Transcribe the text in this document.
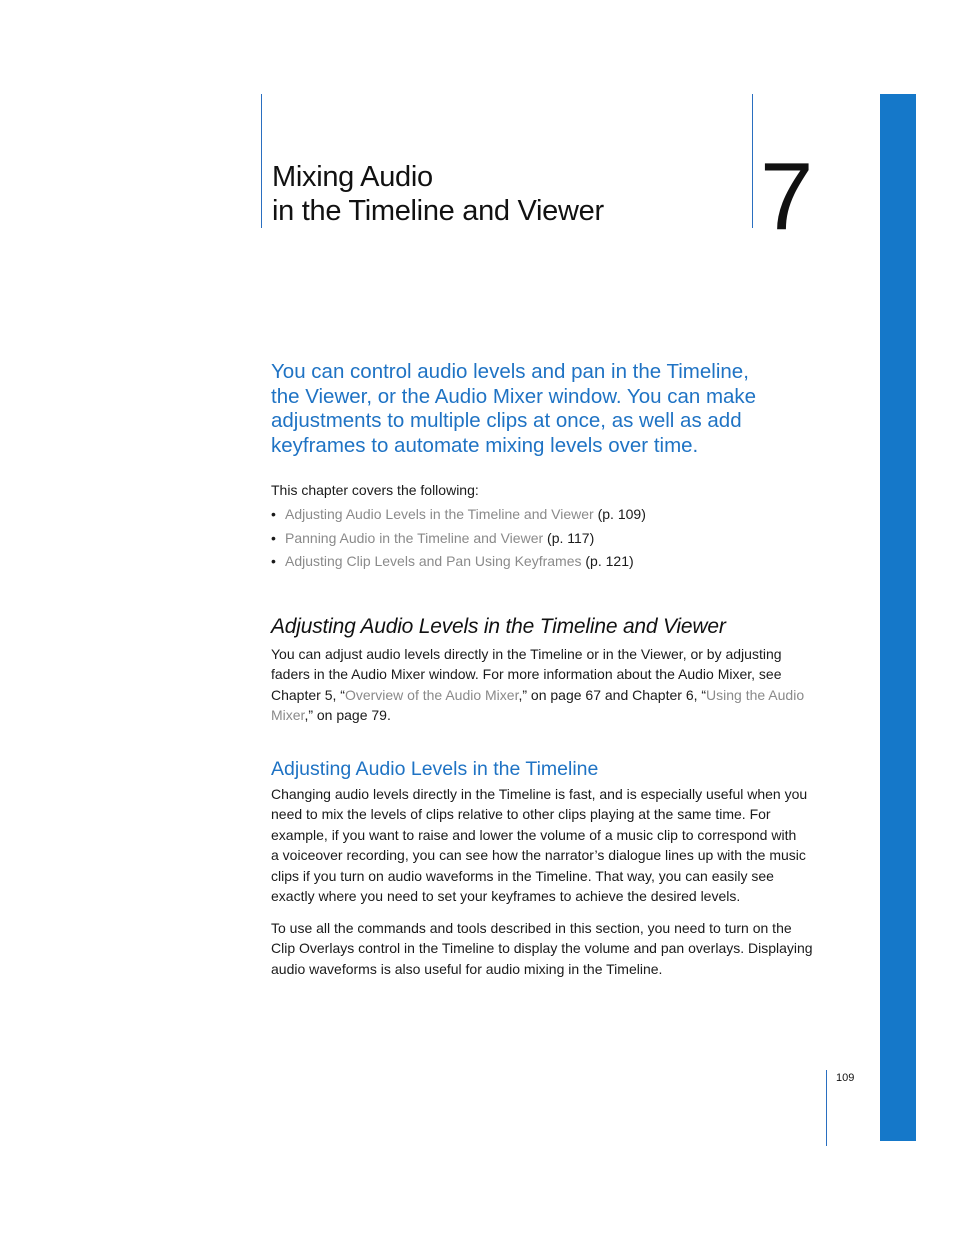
Mixing Audio
in the Timeline and Viewer	7
You can control audio levels and pan in the Timeline,
the Viewer, or the Audio Mixer window. You can make
adjustments to multiple clips at once, as well as add
keyframes to automate mixing levels over time.
This chapter covers the following:
• Adjusting Audio Levels in the Timeline and Viewer (p. 109)
• Panning Audio in the Timeline and Viewer (p. 117)
• Adjusting Clip Levels and Pan Using Keyframes (p. 121)
Adjusting Audio Levels in the Timeline and Viewer
You can adjust audio levels directly in the Timeline or in the Viewer, or by adjusting
faders in the Audio Mixer window. For more information about the Audio Mixer, see
Chapter 5, “Overview of the Audio Mixer,” on page 67 and Chapter 6, “Using the Audio
Mixer,” on page 79.
Adjusting Audio Levels in the Timeline
Changing audio levels directly in the Timeline is fast, and is especially useful when you
need to mix the levels of clips relative to other clips playing at the same time. For
example, if you want to raise and lower the volume of a music clip to correspond with
a voiceover recording, you can see how the narrator’s dialogue lines up with the music
clips if you turn on audio waveforms in the Timeline. That way, you can easily see
exactly where you need to set your keyframes to achieve the desired levels.
To use all the commands and tools described in this section, you need to turn on the
Clip Overlays control in the Timeline to display the volume and pan overlays. Displaying
audio waveforms is also useful for audio mixing in the Timeline.
109
